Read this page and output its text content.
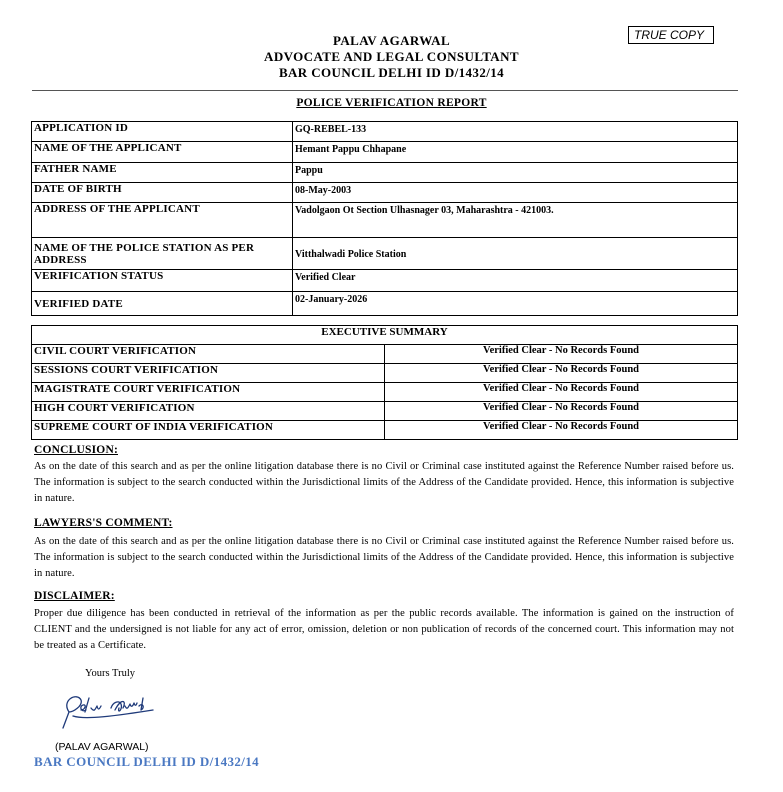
PALAV AGARWAL
ADVOCATE AND LEGAL CONSULTANT
BAR COUNCIL DELHI ID D/1432/14
TRUE COPY
POLICE VERIFICATION REPORT
APPLICATION ID	GQ-REBEL-133
NAME OF THE APPLICANT	Hemant Pappu Chhapane
FATHER NAME	Pappu
DATE OF BIRTH	08-May-2003
ADDRESS OF THE APPLICANT	Vadolgaon Ot Section Ulhasnager 03, Maharashtra - 421003.
NAME OF THE POLICE STATION AS PER ADDRESS	Vitthalwadi Police Station
VERIFICATION STATUS	Verified Clear
VERIFIED DATE	02-January-2026
EXECUTIVE SUMMARY	
CIVIL COURT VERIFICATION	Verified Clear - No Records Found
SESSIONS COURT VERIFICATION	Verified Clear - No Records Found
MAGISTRATE COURT VERIFICATION	Verified Clear - No Records Found
HIGH COURT VERIFICATION	Verified Clear - No Records Found
SUPREME COURT OF INDIA VERIFICATION	Verified Clear - No Records Found
CONCLUSION:
As on the date of this search and as per the online litigation database there is no Civil or Criminal case instituted against the Reference Number raised before us. The information is subject to the search conducted within the Jurisdictional limits of the Address of the Candidate provided. Hence, this information is subjective in nature.
LAWYERS'S COMMENT:
As on the date of this search and as per the online litigation database there is no Civil or Criminal case instituted against the Reference Number raised before us. The information is subject to the search conducted within the Jurisdictional limits of the Address of the Candidate provided. Hence, this information is subjective in nature.
DISCLAIMER:
Proper due diligence has been conducted in retrieval of the information as per the public records available. The information is gained on the instruction of CLIENT and the undersigned is not liable for any act of error, omission, deletion or non publication of records of the concerned court. This information may not be treated as a Certificate.
Yours Truly
(PALAV AGARWAL)
BAR COUNCIL DELHI ID D/1432/14
